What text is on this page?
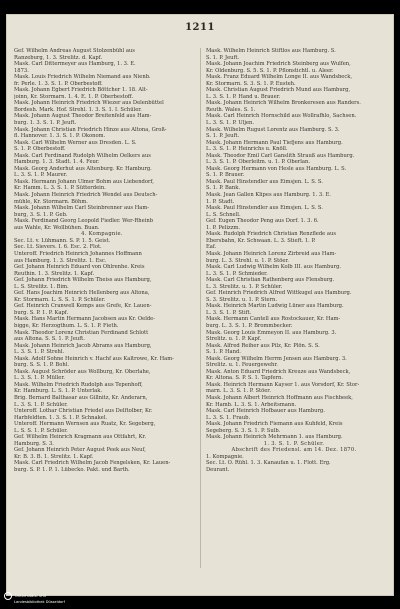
1211
Gef. Wilhelm Andreas August Stolzenbühl aus
Ranzeburg, 1. 3. Strelitz. d. Kapf.
Mask. Carl Dittermeyer aus Hamburg, 1. 3. E.
1873.
Mask. Louis Friedrich Wilhelm Niemand aus Nienb.
fr. Perle. 1. 3. S. 1. P. Oberbestoff.
Mask. Johann Egbert Friedrich Böttcher 1. 18. Alt-
joinn, Kr. Stormarn. 1. 4. E. 1. P. Oberbestoff.
Mask. Johann Heinrich Friedrich Wiezer aus Delenbüttel
Bordesh. Mark. Hof. Strehl. 1. 3. S. 1. I. Schüler.
Mask. Johann August Theodor Breitenfeld aus Ham-
burg. 1. 3. S. 1. P. Jeuft.
Mask. Johann Christian Friedrich Hinze aus Altona, Groß-
fl. Hannover. 1. 3. S. 1. P. Ökonom.
Mask. Carl Wilhelm Werner aus Dresden. L. S.
S. 1. P. Oberbestoff.
Mask. Carl Ferdinand Rudolph Wilhelm Oelkers aus
Hamburg. 1. 3. Stadt. 1. 4. Feur.
Mask. Georg Anderhut aus Altenburg. Kr. Hamburg.
L. 3. S. 1. P. Maurer.
Mask. Hermann Johann Ulmer Bohm aus Liebendorf,
Kr. Hamm. L. 3. S. 1. P. Sütterdein.
Mask. Johann Heinrich Friedrich Wendel aus Deutsch-
mühle, Kr. Stormarn. Böhm.
Mask. Johann Wilhelm Carl Steinbrenner aus Ham-
burg, 3. S. 1. P. Geb.
Mask. Ferdinand Georg Leopold Fiedler. Wer-Rheinb
aus Wahle, Kr. Wollbühen. Buan.
4. Kompagnie.
Sec. Lt. v. Lühmann. S. P. 1. 5. Geist.
Sec. Lt. Sievers. I. 6. Esc. 2. Flot.
Unteroff. Friedrich Heinrich Johannes Hoffmann
aus Hamburg. 1. 3. Strelitz. 1. Esc.
Gef. Johann Heinrich Eduard von Ohlrenhe. Kreis
Reuthin. 1. 3. Strelitz. 1. Kapf.
Gef. Johann Friedrich Wilhelm Theiss aus Hamburg,
L. S. Strelitz. 1. Bim.
Gef. Hans Joachim Heinrich Hellenberg aus Altona,
Kr. Stormarn. L. S. S. 1. P. Schüler.
Gef. Heinrich Cranwell Kemps aus Grefe, Kr. Lauen-
burg. S. P. 1. P. Kapf.
Mask. Hans Martin Hermann Jacobsen aus Kr. Oelde-
bigge, Kr. Herzogthum. L. S. 1. P. Fieth.
Mask. Theodor Lorenz Christian Ferdinand Schlott
aus Altona. S. S. 1. P. Jeuft.
Mask. Johann Heinrich Jacob Abrams aus Hamburg,
L. 3. S. 1. P. Strehl.
Mask. Adolf Sohne Heinrich v. Hachf aus Kaltrowe, Kr. Ham-
burg. S. S. 1. P. Bohl.
Mask. August Schröder aus Wollburg, Kr. Oberlahe,
L. 3. S. 1. P. Müller.
Mask. Wilhelm Friedrich Rudolph aus Tepenhoff,
Kr. Hamburg. L. S. 1. P. Unterlak.
Brig. Bernard Balthasar aus Gillnitz, Kr. Anderarn,
L. 3. S. 1. P. Schüler.
Unteroff. Lothar Christian Friedel aus Delftolber, Kr.
Harbfeldten. 1. 3. S. 1. P. Schnakel.
Unteroff. Hermann Wernsen aus Ruatz, Kr. Segeberg,
L. S. S. 1. P. Schüler.
Gef. Wilhelm Heinrich Kragmann aus Ottfahrt, Kr.
Hamburg. S. 3.
Gef. Johann Heinrich Peter August Peek aus Neuf,
Kr. B. 3. B. 1. Strelitz. 1. Kapf.
Mask. Carl Friedrich Wilhelm Jacob Fengelsken, Kr. Lauen-
burg. S. P. 1. P. 1. Lübecko. Pakt. und Barth.
Mask. Wilhelm Heinrich Stiftlos aus Hamburg. S.
S. 1. P. Jeuft.
Mask. Johann Joachim Friedrich Steinberg aus Wulfen,
Kr. Oldenburg. S. 5. S. 1. P. Pflonstichtl. u. Aleer.
Mask. Franz Eduard Wilhelm Longe II. aus Wandsbeck,
Kr. Stormarn. S. 3. S. 1. P. Eusteh.
Mask. Christian August Friedrich Mund aus Hamburg,
L. 3. S. 1. P. Hand u. Brauer.
Mask. Johann Heinrich Wilhelm Bronkeresen aus Randers.
Reuth. Wales. S. 1.
Mask. Carl Heinrich Hornschild aus Wollrafhlo, Sachsen.
L. 3. S. 1. P. Uljen.
Mask. Wilhelm Rugust Lorentz aus Hamburg. S. 3.
S. 1. P. Jeuft.
Mask. Johann Hermann Paul Tiefjens aus Hamburg.
L. 3. S. 1. P. Heinrichs u. Knöll.
Mask. Theodor Emil Carl Ganslith Strauß aus Hamburg.
L. 3. S. 1. P. Oberleitm. u. 1. P. Oberlan.
Mask. Georg Hermann von Hesle aus Hamburg. L. S.
S. 1. P. Brauer.
Mask. Paul Hinstendler aus Eimsjen. L. S. S.
S. 1. P. Bank.
Mask. Jean Gallen Klipes aus Hamburg. 1. 3. E.
1. P. Stadt.
Mask. Paul Hinstendler aus Eimsjen. L. S. S.
L. S. Schnell.
Gef. Eugen Theodor Peng aus Dorf. 1. 3. 6.
1. P. Pelizzm.
Mask. Rudolph Friedrich Christian Renzflede aus
Ebersbahn, Kr. Schwaan. L. 3. Stieft. 1. P.
Eaf.
Mask. Johann Heinrich Lorenz Zirbreid aus Ham-
burg. L. 3. Strehl. u. 1. P. Stöer.
Mask. Carl Ludwig Wilhelm Kolb III. aus Hamburg.
L. 3. S. 1. P. Schmieder.
Mask. Carl Christian Rathenberg aus Flensburg.
L. 3. Strelitz. u. 1. P. Schüler.
Gef. Heinrich Friedrich Alfred Wittkugel aus Hamburg.
S. 3. Strelitz. u. 1. P. Stern.
Mask. Heinrich Martin Ludwig Lüner aus Hamburg.
L. 3. S. 1. P. Stift.
Mask. Hermann Cantell aus Rostockauer, Kr. Ham-
burg. L. 3. S. 1. P. Brommbecker.
Mask. Georg Louis Emmeyon II. aus Hamburg. 3.
Strelitz. u. 1. P. Kapf.
Mask. Alfred Reiher aus Pilz, Kr. Plön. S. S.
S. 1. P. Hand.
Mask. Georg Wilhelm Herrm Jensen aus Hamburg. 3.
Strelitz. u. 1. Feuergewehr.
Mask. Anton Eduard Friedrich Kreuze aus Wandsbeck,
Kr. Altona. S. P. S. 1. Tapfern.
Mask. Heinrich Hermann Kayser 1. aus Vorsdorf, Kr. Stor-
marn. L. 3. S. 1. P. Stöer.
Mask. Johann Albert Heinrich Hoffmann aus Fischbeek,
Kr. Hamb. L. 3. S. 1. Arbeitsmann.
Mask. Carl Heinrich Hofbauer aus Hamburg.
L. 3. S. 1. Fraub.
Mask. Johann Friedrich Fiemann aus Kuhfeld, Kreis
Segeberg. S. 3. S. 1. P. Sulb.
Mask. Johann Heinrich Mehrmann 1. aus Hamburg.
1. 3. S. 1. P. Schüler.
Abschrift des Friedensl. am 14. Dez. 1870.
1. Kompagnie.
Sec. Lt. O. Rühl. 1. 3. Kanaufan u. 1. Flott. Erg.
Deurant.
Universitäts- und
Landesbibliothek Düsseldorf
